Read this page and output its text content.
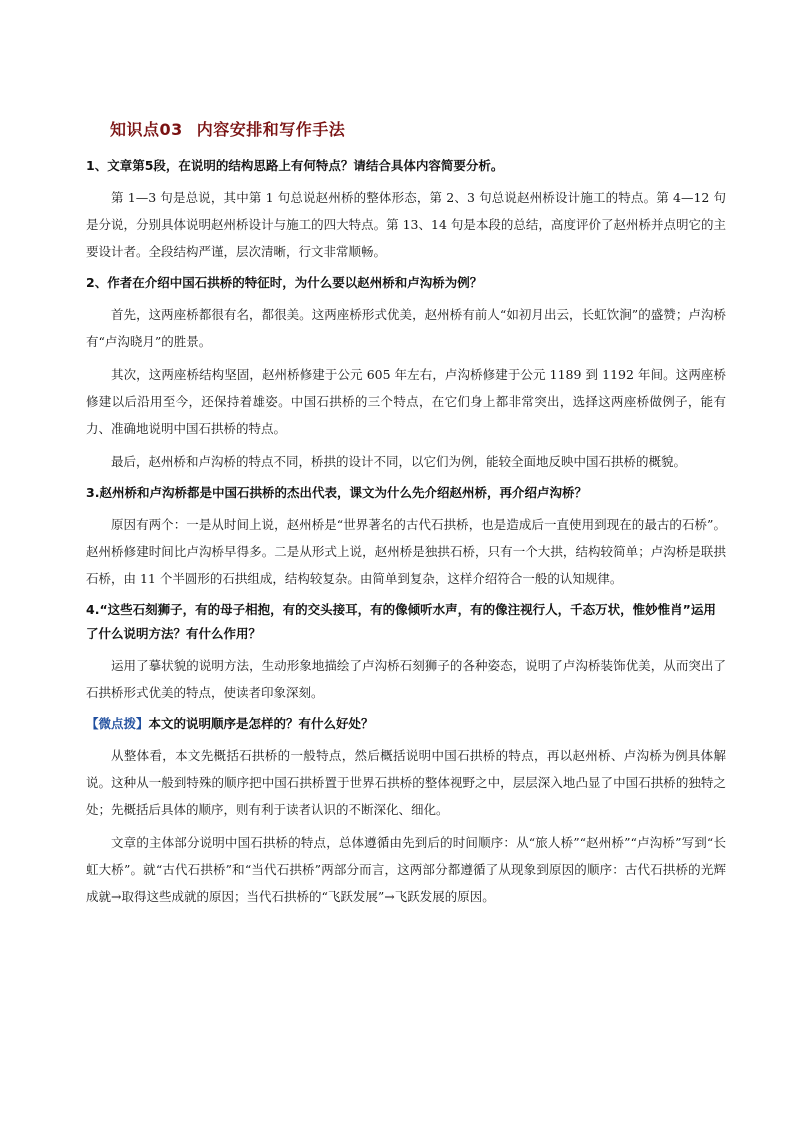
知识点03 内容安排和写作手法
1、文章第5段，在说明的结构思路上有何特点？请结合具体内容简要分析。
第 1—3 句是总说，其中第 1 句总说赵州桥的整体形态，第 2、3 句总说赵州桥设计施工的特点。第 4—12 句是分说，分别具体说明赵州桥设计与施工的四大特点。第 13、14 句是本段的总结，高度评价了赵州桥并点明它的主要设计者。全段结构严谨，层次清晰，行文非常顺畅。
2、作者在介绍中国石拱桥的特征时，为什么要以赵州桥和卢沟桥为例？
首先，这两座桥都很有名，都很美。这两座桥形式优美，赵州桥有前人“如初月出云，长虹饮涧”的盛赞；卢沟桥有“卢沟晓月”的胜景。
其次，这两座桥结构坚固，赵州桥修建于公元 605 年左右，卢沟桥修建于公元 1189 到 1192 年间。这两座桥修建以后沿用至今，还保持着雄姿。中国石拱桥的三个特点，在它们身上都非常突出，选择这两座桥做例子，能有力、准确地说明中国石拱桥的特点。
最后，赵州桥和卢沟桥的特点不同，桥拱的设计不同，以它们为例，能较全面地反映中国石拱桥的概貌。
3.赵州桥和卢沟桥都是中国石拱桥的杰出代表，课文为什么先介绍赵州桥，再介绍卢沟桥？
原因有两个：一是从时间上说，赵州桥是“世界著名的古代石拱桥，也是造成后一直使用到现在的最古的石桥”。赵州桥修建时间比卢沟桥早得多。二是从形式上说，赵州桥是独拱石桥，只有一个大拱，结构较简单；卢沟桥是联拱石桥，由 11 个半圆形的石拱组成，结构较复杂。由简单到复杂，这样介绍符合一般的认知规律。
4.“这些石刻狮子，有的母子相抱，有的交头接耳，有的像倾听水声，有的像注视行人，千态万状，惟妙惟肖”运用了什么说明方法？有什么作用？
运用了摹状貌的说明方法，生动形象地描绘了卢沟桥石刻狮子的各种姿态，说明了卢沟桥装饰优美，从而突出了石拱桥形式优美的特点，使读者印象深刻。
【微点拨】本文的说明顺序是怎样的？有什么好处？
从整体看，本文先概括石拱桥的一般特点，然后概括说明中国石拱桥的特点，再以赵州桥、卢沟桥为例具体解说。这种从一般到特殊的顺序把中国石拱桥置于世界石拱桥的整体视野之中，层层深入地凸显了中国石拱桥的独特之处；先概括后具体的顺序，则有利于读者认识的不断深化、细化。
文章的主体部分说明中国石拱桥的特点，总体遵循由先到后的时间顺序：从“旅人桥”“赵州桥”“卢沟桥”写到“长虹大桥”。就“古代石拱桥”和“当代石拱桥”两部分而言，这两部分都遵循了从现象到原因的顺序：古代石拱桥的光辉成就→取得这些成就的原因；当代石拱桥的“飞跃发展”→飞跃发展的原因。
